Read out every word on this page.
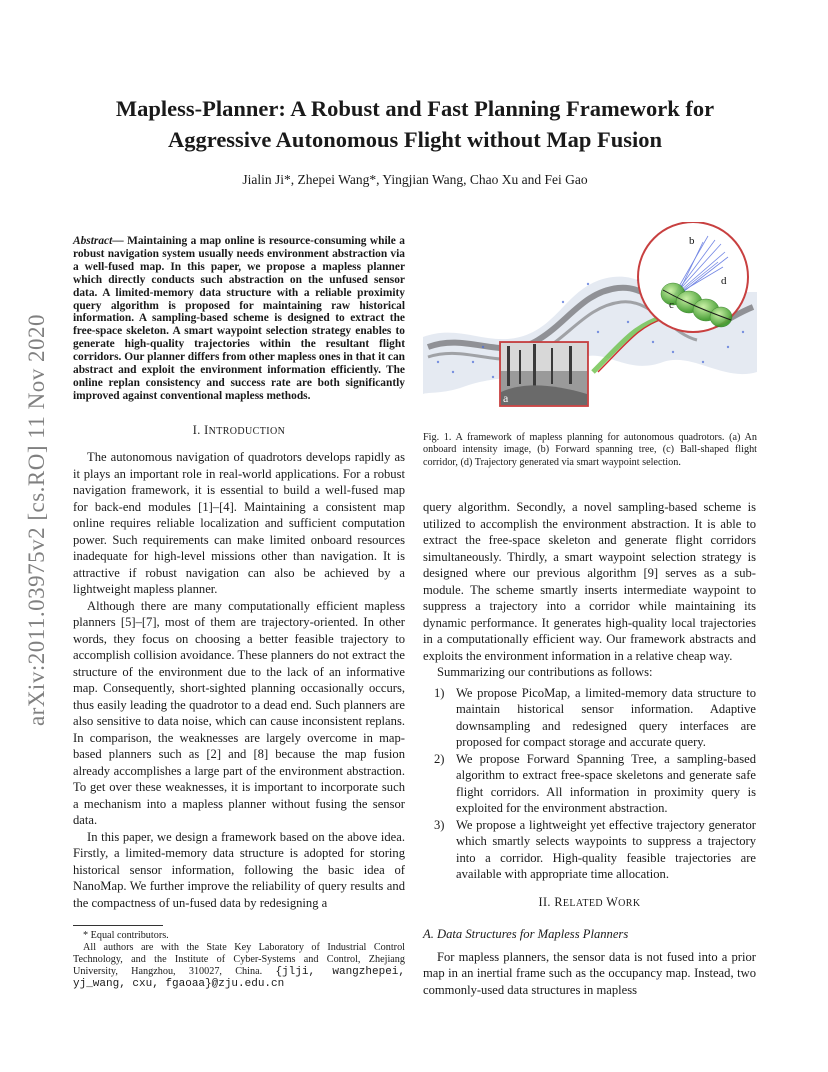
arXiv:2011.03975v2 [cs.RO] 11 Nov 2020
Mapless-Planner: A Robust and Fast Planning Framework for
Aggressive Autonomous Flight without Map Fusion
Jialin Ji*, Zhepei Wang*, Yingjian Wang, Chao Xu and Fei Gao
Abstract— Maintaining a map online is resource-consuming while a robust navigation system usually needs environment abstraction via a well-fused map. In this paper, we propose a mapless planner which directly conducts such abstraction on the unfused sensor data. A limited-memory data structure with a reliable proximity query algorithm is proposed for maintaining raw historical information. A sampling-based scheme is designed to extract the free-space skeleton. A smart waypoint selection strategy enables to generate high-quality trajectories within the resultant flight corridors. Our planner differs from other mapless ones in that it can abstract and exploit the environment information efficiently. The online replan consistency and success rate are both significantly improved against conventional mapless methods.
I. INTRODUCTION

The autonomous navigation of quadrotors develops rapidly as it plays an important role in real-world applications. For a robust navigation framework, it is essential to build a well-fused map for back-end modules [1]–[4]. Maintaining a consistent map online requires reliable localization and sufficient computation power. Such requirements can make limited onboard resources inadequate for high-level missions other than navigation. It is attractive if robust navigation can also be achieved by a lightweight mapless planner.

Although there are many computationally efficient mapless planners [5]–[7], most of them are trajectory-oriented. In other words, they focus on choosing a better feasible trajectory to accomplish collision avoidance. These planners do not extract the structure of the environment due to the lack of an informative map. Consequently, short-sighted planning occasionally occurs, thus easily leading the quadrotor to a dead end. Such planners are also sensitive to data noise, which can cause inconsistent replans. In comparison, the weaknesses are largely overcome in map-based planners such as [2] and [8] because the map fusion already accomplishes a large part of the environment abstraction. To get over these weaknesses, it is important to incorporate such a mechanism into a mapless planner without fusing the sensor data.

In this paper, we design a framework based on the above idea. Firstly, a limited-memory data structure is adopted for storing historical sensor information, following the basic idea of NanoMap. We further improve the reliability of query results and the compactness of un-fused data by redesigning a

* Equal contributors.

All authors are with the State Key Laboratory of Industrial Control Technology, and the Institute of Cyber-Systems and Control, Zhejiang University, Hangzhou, 310027, China. {jlji, wangzhepei, yj_wang, cxu, fgaoaa}@zju.edu.cn

b
d
c
a
Fig. 1. A framework of mapless planning for autonomous quadrotors. (a) An onboard intensity image, (b) Forward spanning tree, (c) Ball-shaped flight corridor, (d) Trajectory generated via smart waypoint selection.

query algorithm. Secondly, a novel sampling-based scheme is utilized to accomplish the environment abstraction. It is able to extract the free-space skeleton and generate flight corridors simultaneously. Thirdly, a smart waypoint selection strategy is designed where our previous algorithm [9] serves as a sub-module. The scheme smartly inserts intermediate waypoint to suppress a trajectory into a corridor while maintaining its dynamic performance. It generates high-quality local trajectories in a computationally efficient way. Our framework abstracts and exploits the environment information in a relative cheap way.

Summarizing our contributions as follows:

1) We propose PicoMap, a limited-memory data structure to maintain historical sensor information. Adaptive downsampling and redesigned query interfaces are proposed for compact storage and accurate query.
2) We propose Forward Spanning Tree, a sampling-based algorithm to extract free-space skeletons and generate safe flight corridors. All information in proximity query is exploited for the environment abstraction.
3) We propose a lightweight yet effective trajectory generator which smartly selects waypoints to suppress a trajectory into a corridor. High-quality feasible trajectories are available with appropriate time allocation.
II. RELATED WORK
A. Data Structures for Mapless Planners

For mapless planners, the sensor data is not fused into a prior map in an inertial frame such as the occupancy map. Instead, two commonly-used data structures in mapless
